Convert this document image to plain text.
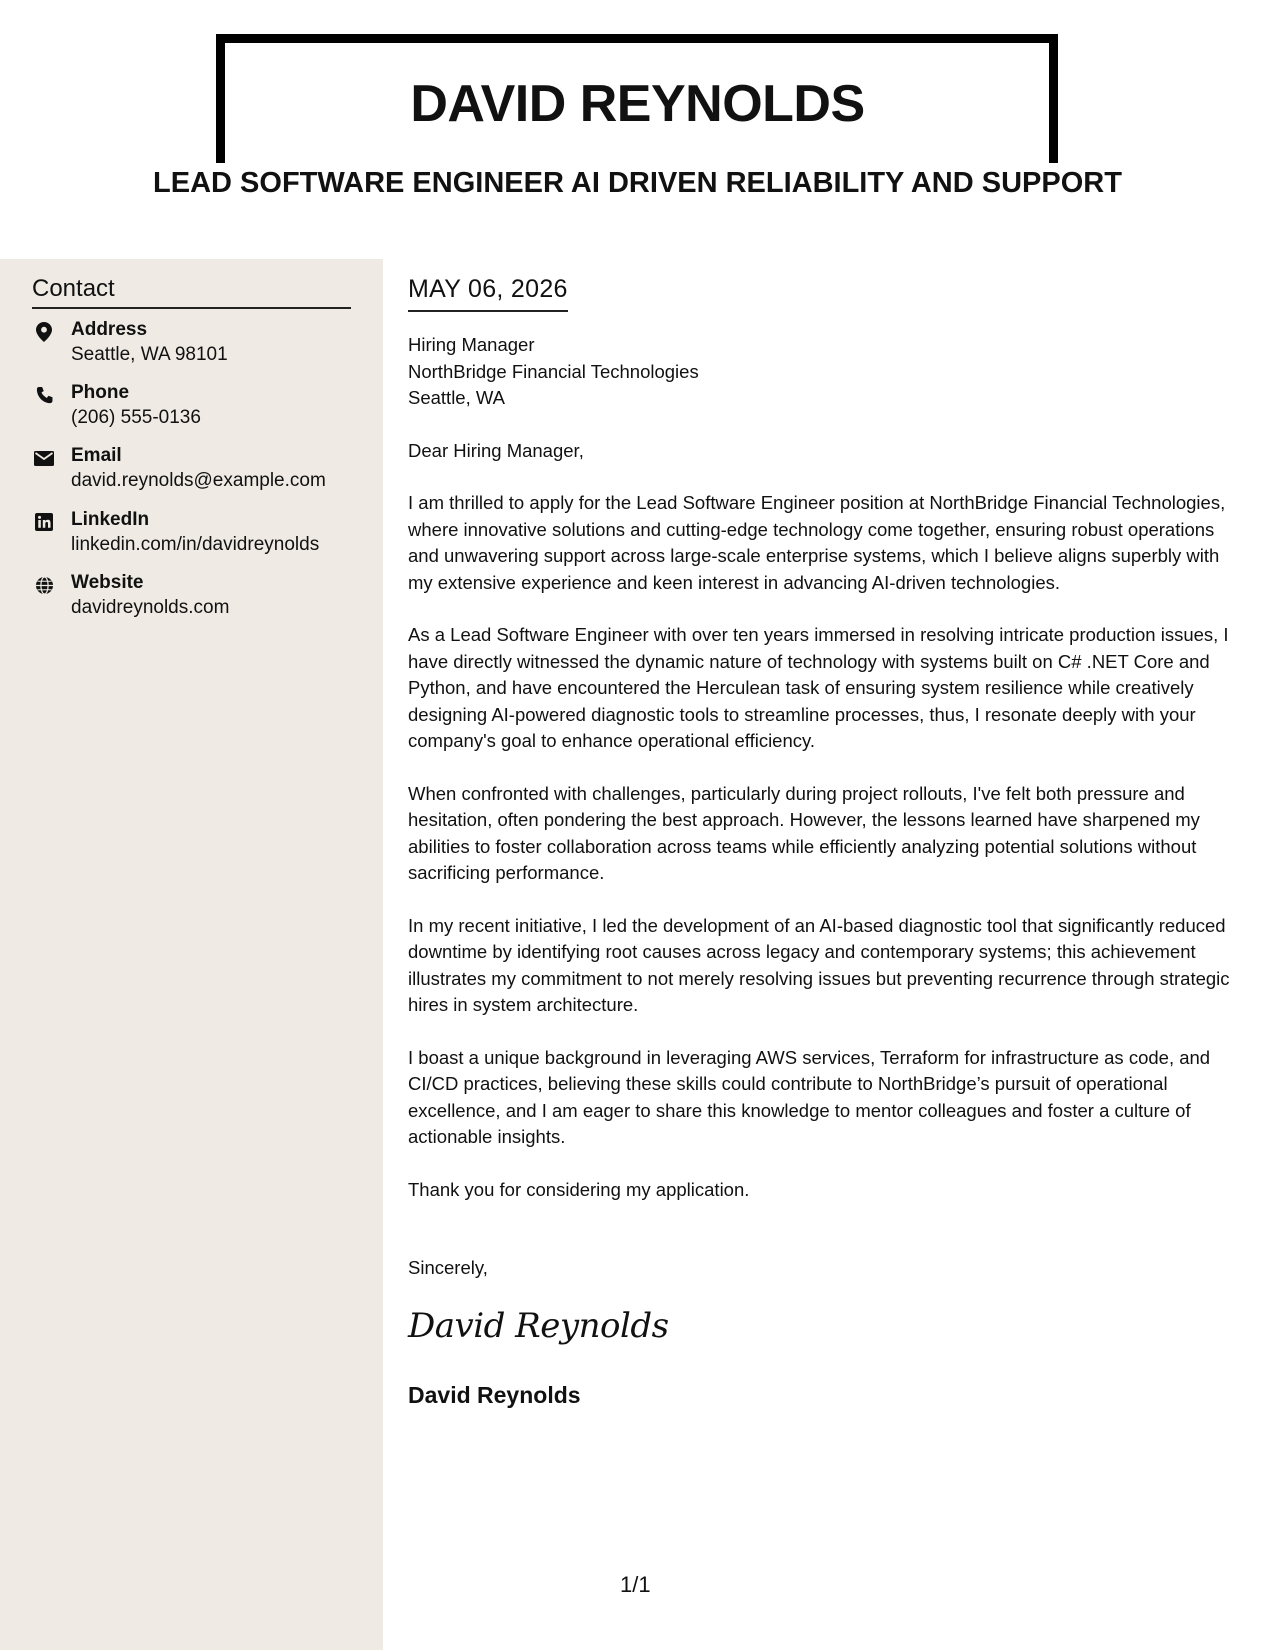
DAVID REYNOLDS
LEAD SOFTWARE ENGINEER AI DRIVEN RELIABILITY AND SUPPORT
Contact
Address
Seattle, WA 98101
Phone
(206) 555-0136
Email
david.reynolds@example.com
LinkedIn
linkedin.com/in/davidreynolds
Website
davidreynolds.com
MAY 06, 2026

Hiring Manager

NorthBridge Financial Technologies

Seattle, WA

Dear Hiring Manager,

I am thrilled to apply for the Lead Software Engineer position at NorthBridge Financial Technologies, where innovative solutions and cutting-edge technology come together, ensuring robust operations and unwavering support across large-scale enterprise systems, which I believe aligns superbly with my extensive experience and keen interest in advancing AI-driven technologies.

As a Lead Software Engineer with over ten years immersed in resolving intricate production issues, I have directly witnessed the dynamic nature of technology with systems built on C# .NET Core and Python, and have encountered the Herculean task of ensuring system resilience while creatively designing AI-powered diagnostic tools to streamline processes, thus, I resonate deeply with your company's goal to enhance operational efficiency.

When confronted with challenges, particularly during project rollouts, I've felt both pressure and hesitation, often pondering the best approach. However, the lessons learned have sharpened my abilities to foster collaboration across teams while efficiently analyzing potential solutions without sacrificing performance.

In my recent initiative, I led the development of an AI-based diagnostic tool that significantly reduced downtime by identifying root causes across legacy and contemporary systems; this achievement illustrates my commitment to not merely resolving issues but preventing recurrence through strategic hires in system architecture.

I boast a unique background in leveraging AWS services, Terraform for infrastructure as code, and CI/CD practices, believing these skills could contribute to NorthBridge’s pursuit of operational excellence, and I am eager to share this knowledge to mentor colleagues and foster a culture of actionable insights.

Thank you for considering my application.

Sincerely,

David Reynolds
David Reynolds
1/1
